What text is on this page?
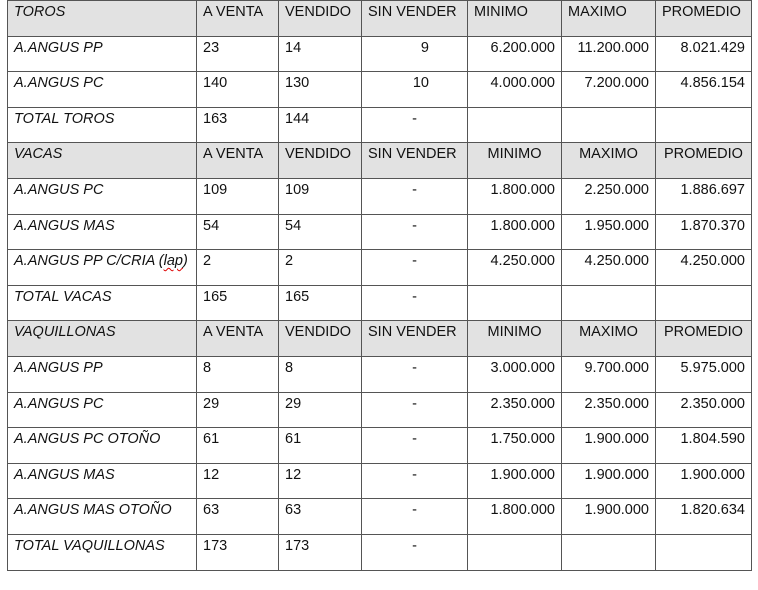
TOROS	A VENTA	VENDIDO	SIN VENDER	MINIMO	MAXIMO	PROMEDIO
A.ANGUS PP	23	14	9	6.200.000	11.200.000	8.021.429
A.ANGUS PC	140	130	10	4.000.000	7.200.000	4.856.154
TOTAL TOROS	163	144	-			
VACAS	A VENTA	VENDIDO	SIN VENDER	MINIMO	MAXIMO	PROMEDIO
A.ANGUS PC	109	109	-	1.800.000	2.250.000	1.886.697
A.ANGUS MAS	54	54	-	1.800.000	1.950.000	1.870.370
A.ANGUS PP C/CRIA (lap)	2	2	-	4.250.000	4.250.000	4.250.000
TOTAL VACAS	165	165	-			
VAQUILLONAS	A VENTA	VENDIDO	SIN VENDER	MINIMO	MAXIMO	PROMEDIO
A.ANGUS PP	8	8	-	3.000.000	9.700.000	5.975.000
A.ANGUS PC	29	29	-	2.350.000	2.350.000	2.350.000
A.ANGUS PC OTOÑO	61	61	-	1.750.000	1.900.000	1.804.590
A.ANGUS MAS	12	12	-	1.900.000	1.900.000	1.900.000
A.ANGUS MAS OTOÑO	63	63	-	1.800.000	1.900.000	1.820.634
TOTAL VAQUILLONAS	173	173	-			
